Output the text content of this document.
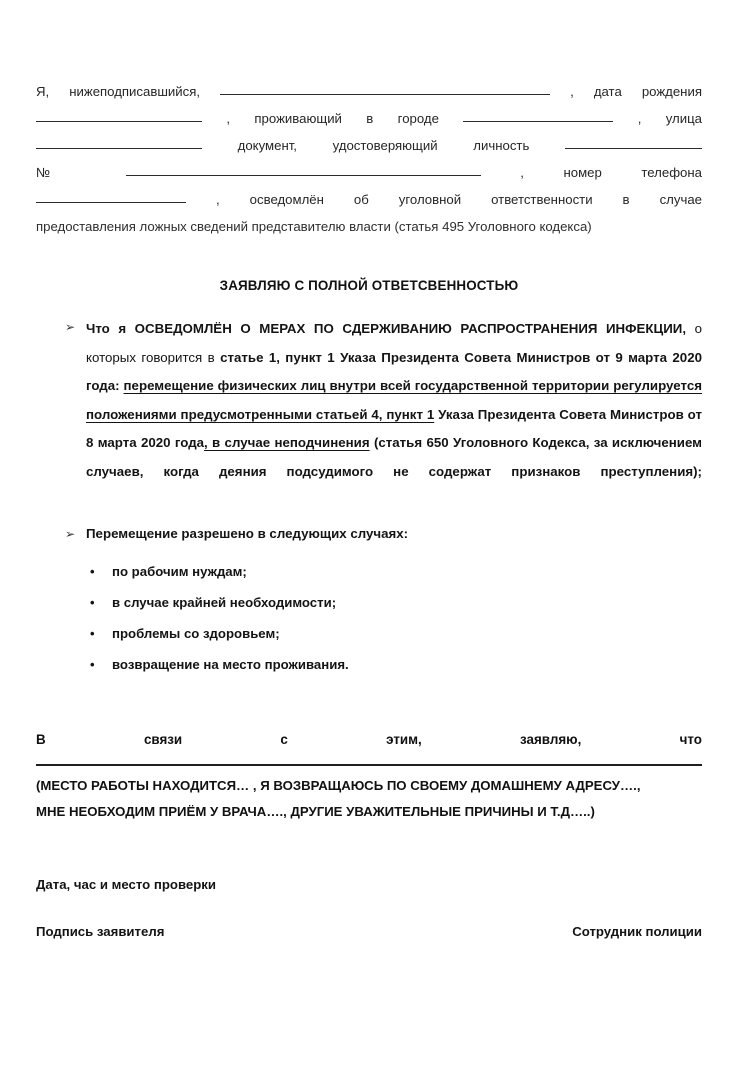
Я, нижеподписавшийся,	, дата рождения
, проживающий в городе	, улица
документ, удостоверяющий личность
№	, номер телефона
, осведомлён об уголовной ответственности в случае
предоставления ложных сведений представителю власти (статья 495 Уголовного кодекса)
ЗАЯВЛЯЮ С ПОЛНОЙ ОТВЕТСВЕННОСТЬЮ
➢ Что я ОСВЕДОМЛЁН О МЕРАХ ПО СДЕРЖИВАНИЮ РАСПРОСТРАНЕНИЯ ИНФЕКЦИИ, о которых говорится в статье 1, пункт 1 Указа Президента Совета Министров от 9 марта 2020 года: перемещение физических лиц внутри всей государственной территории регулируется положениями предусмотренными статьей 4, пункт 1 Указа Президента Совета Министров от 8 марта 2020 года, в случае неподчинения (статья 650 Уголовного Кодекса, за исключением случаев, когда деяния подсудимого не содержат признаков преступления);
➢ Перемещение разрешено в следующих случаях:
• по рабочим нуждам;
• в случае крайней необходимости;
• проблемы со здоровьем;
• возвращение на место проживания.
В	связи	с	этим,	заявляю,	что
(МЕСТО РАБОТЫ НАХОДИТСЯ… , Я ВОЗВРАЩАЮСЬ ПО СВОЕМУ ДОМАШНЕМУ АДРЕСУ….,
МНЕ НЕОБХОДИМ ПРИЁМ У ВРАЧА…., ДРУГИЕ УВАЖИТЕЛЬНЫЕ ПРИЧИНЫ И Т.Д…..)
Дата, час и место проверки
Подпись заявителя	Сотрудник полиции
